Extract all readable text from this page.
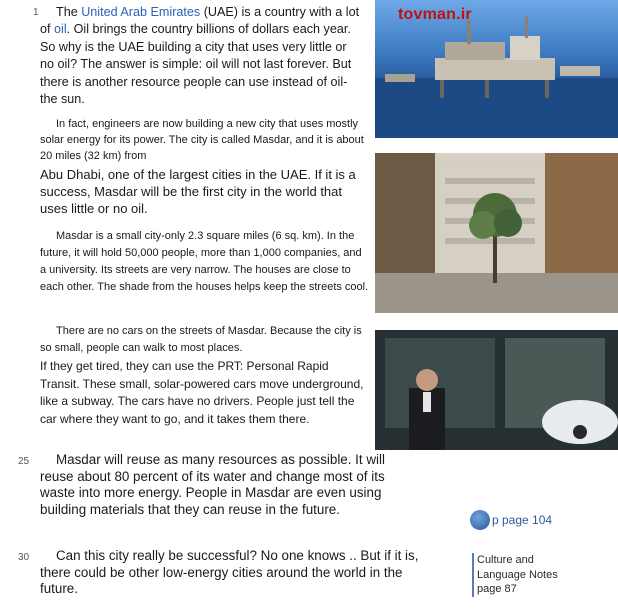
1
25
30

The United Arab Emirates (UAE) is a country with a lot of oil. Oil brings the country billions of dollars each year. So why is the UAE building a city that uses very little or no oil? The answer is simple: oil will not last forever. But there is another resource people can use instead of oil-the sun.

In fact, engineers are now building a new city that uses mostly solar energy for its power. The city is called Masdar, and it is about 20 miles (32 km) from

Abu Dhabi, one of the largest cities in the UAE. If it is a success, Masdar will be the first city in the world that uses little or no oil.

Masdar is a small city-only 2.3 square miles (6 sq. km). In the future, it will hold 50,000 people, more than 1,000 companies, and a university. Its streets are very narrow. The houses are close to each other. The shade from the houses helps keep the streets cool.

There are no cars on the streets of Masdar. Because the city is so small, people can walk to most places.

If they get tired, they can use the PRT: Personal Rapid Transit. These small, solar-powered cars move underground, like a subway. The cars have no drivers. People just tell the car where they want to go, and it takes them there.

Masdar will reuse as many resources as possible. It will reuse about 80 percent of its water and change most of its waste into more energy. People in Masdar are even using building materials that they can reuse in the future.

Can this city really be successful? No one knows .. But if it is, there could be other low-energy cities around the world in the future.

tovman.ir
p page 104
Culture and Language Notes page 87
